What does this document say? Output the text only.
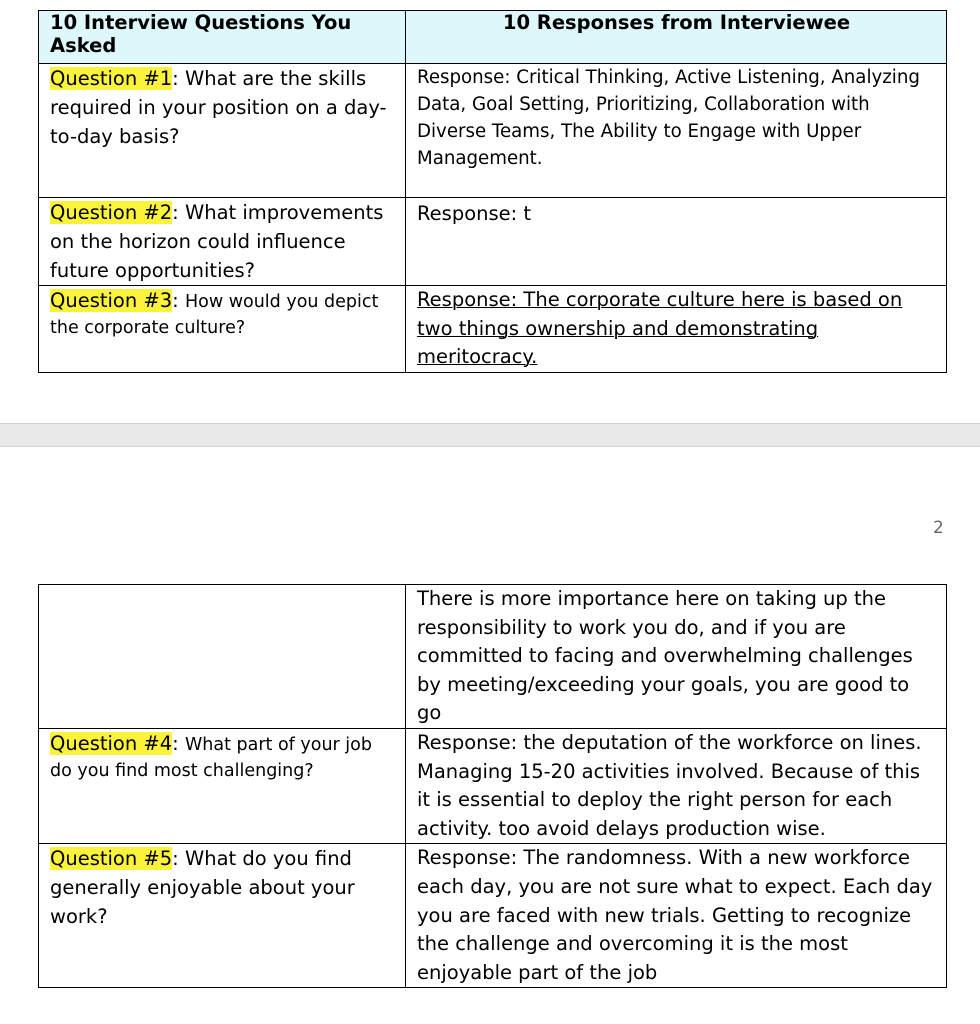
10 Interview Questions You Asked	10 Responses from Interviewee
Question #1: What are the skills required in your position on a day-to-day basis?	Response: Critical Thinking, Active Listening, Analyzing Data, Goal Setting, Prioritizing, Collaboration with Diverse Teams, The Ability to Engage with Upper Management.
Question #2: What improvements on the horizon could influence future opportunities?	Response: t
Question #3: How would you depict the corporate culture?	Response: The corporate culture here is based on two things ownership and demonstrating meritocracy.
2
	There is more importance here on taking up the responsibility to work you do, and if you are committed to facing and overwhelming challenges by meeting/exceeding your goals, you are good to go
Question #4: What part of your job do you find most challenging?	Response: the deputation of the workforce on lines. Managing 15-20 activities involved. Because of this it is essential to deploy the right person for each activity. too avoid delays production wise.
Question #5: What do you find generally enjoyable about your work?	Response: The randomness. With a new workforce each day, you are not sure what to expect. Each day you are faced with new trials. Getting to recognize the challenge and overcoming it is the most enjoyable part of the job
